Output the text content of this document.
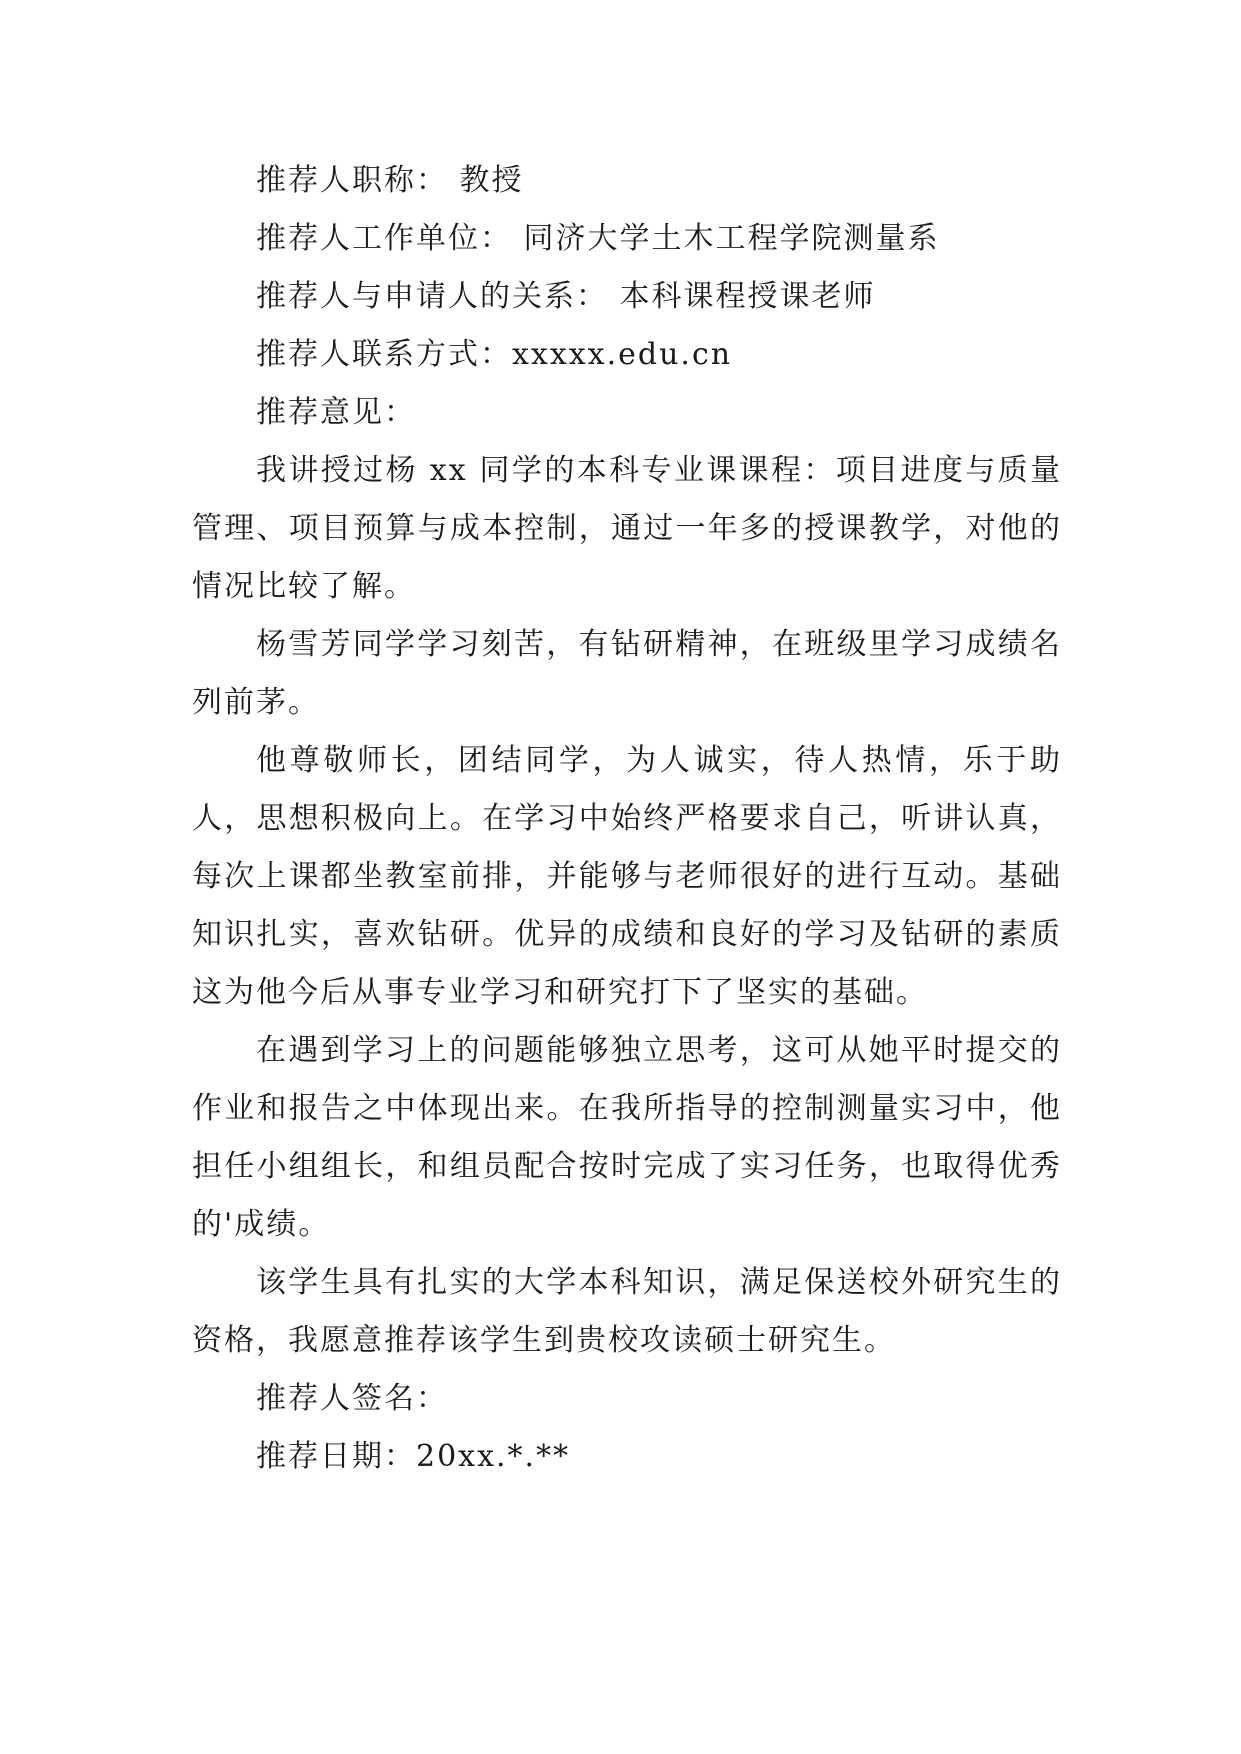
推荐人职称： 教授

推荐人工作单位： 同济大学土木工程学院测量系

推荐人与申请人的关系： 本科课程授课老师

推荐人联系方式：xxxxx.edu.cn

推荐意见：

我讲授过杨 xx 同学的本科专业课课程：项目进度与质量管理、项目预算与成本控制，通过一年多的授课教学，对他的情况比较了解。

杨雪芳同学学习刻苦，有钻研精神，在班级里学习成绩名列前茅。

他尊敬师长，团结同学，为人诚实，待人热情，乐于助人，思想积极向上。在学习中始终严格要求自己，听讲认真，每次上课都坐教室前排，并能够与老师很好的进行互动。基础知识扎实，喜欢钻研。优异的成绩和良好的学习及钻研的素质这为他今后从事专业学习和研究打下了坚实的基础。

在遇到学习上的问题能够独立思考，这可从她平时提交的作业和报告之中体现出来。在我所指导的控制测量实习中，他担任小组组长，和组员配合按时完成了实习任务，也取得优秀的'成绩。

该学生具有扎实的大学本科知识，满足保送校外研究生的资格，我愿意推荐该学生到贵校攻读硕士研究生。

推荐人签名：

推荐日期：20xx.*.**
